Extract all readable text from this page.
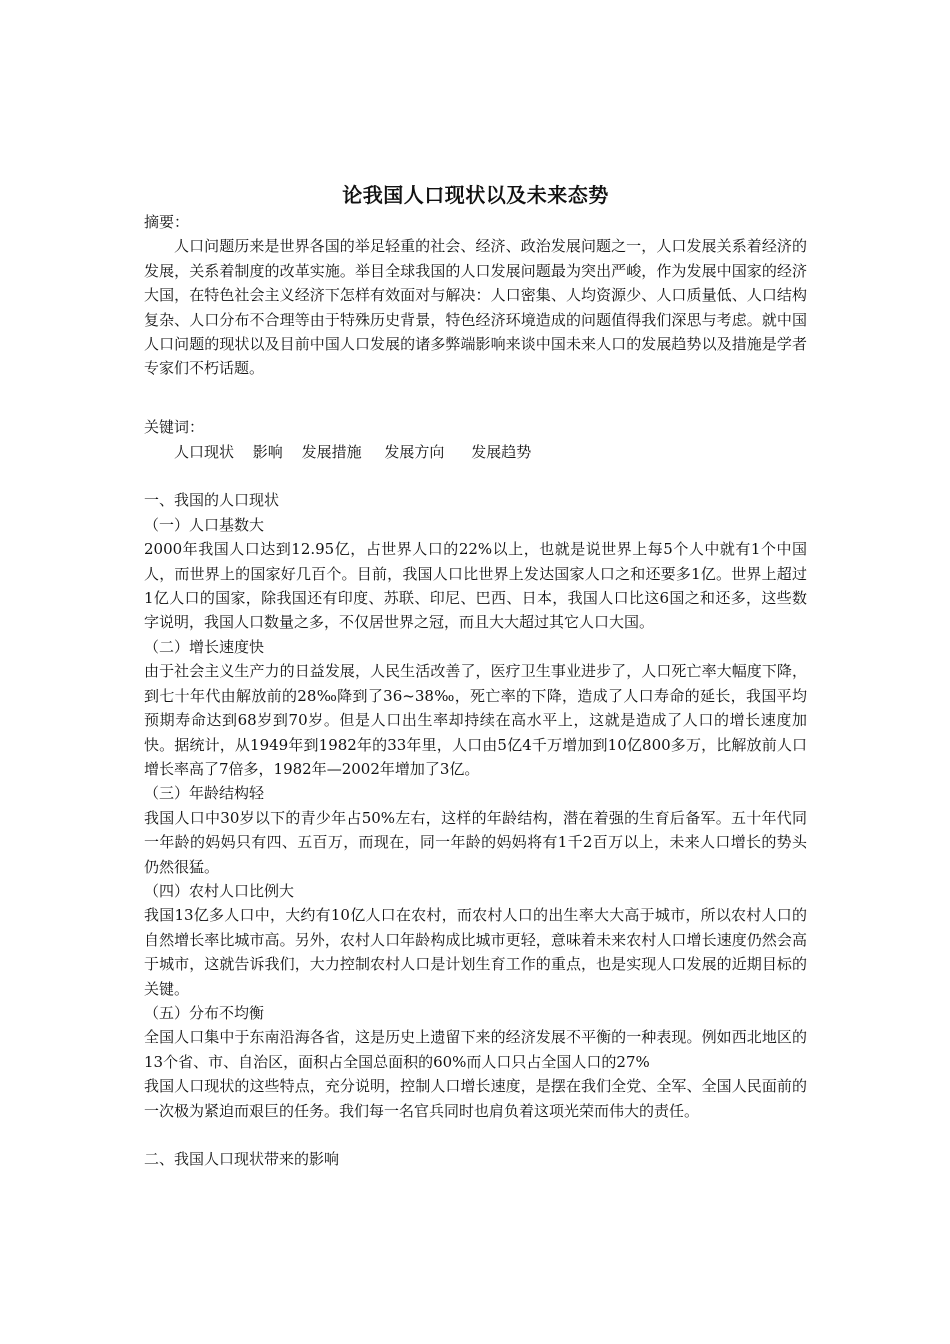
论我国人口现状以及未来态势

摘要：

人口问题历来是世界各国的举足轻重的社会、经济、政治发展问题之一，人口发展关系着经济的发展，关系着制度的改革实施。举目全球我国的人口发展问题最为突出严峻，作为发展中国家的经济大国，在特色社会主义经济下怎样有效面对与解决：人口密集、人均资源少、人口质量低、人口结构复杂、人口分布不合理等由于特殊历史背景，特色经济环境造成的问题值得我们深思与考虑。就中国人口问题的现状以及目前中国人口发展的诸多弊端影响来谈中国未来人口的发展趋势以及措施是学者专家们不朽话题。

关键词：

人口现状 影响 发展措施 发展方向 发展趋势

一、我国的人口现状

（一）人口基数大

2000年我国人口达到12.95亿，占世界人口的22%以上，也就是说世界上每5个人中就有1个中国人，而世界上的国家好几百个。目前，我国人口比世界上发达国家人口之和还要多1亿。世界上超过1亿人口的国家，除我国还有印度、苏联、印尼、巴西、日本，我国人口比这6国之和还多，这些数字说明，我国人口数量之多，不仅居世界之冠，而且大大超过其它人口大国。

（二）增长速度快

由于社会主义生产力的日益发展，人民生活改善了，医疗卫生事业进步了，人口死亡率大幅度下降，到七十年代由解放前的28‰降到了36~38‰，死亡率的下降，造成了人口寿命的延长，我国平均预期寿命达到68岁到70岁。但是人口出生率却持续在高水平上，这就是造成了人口的增长速度加快。据统计，从1949年到1982年的33年里，人口由5亿4千万增加到10亿800多万，比解放前人口增长率高了7倍多，1982年—2002年增加了3亿。

（三）年龄结构轻

我国人口中30岁以下的青少年占50%左右，这样的年龄结构，潜在着强的生育后备军。五十年代同一年龄的妈妈只有四、五百万，而现在，同一年龄的妈妈将有1千2百万以上，未来人口增长的势头仍然很猛。

（四）农村人口比例大

我国13亿多人口中，大约有10亿人口在农村，而农村人口的出生率大大高于城市，所以农村人口的自然增长率比城市高。另外，农村人口年龄构成比城市更轻，意味着未来农村人口增长速度仍然会高于城市，这就告诉我们，大力控制农村人口是计划生育工作的重点，也是实现人口发展的近期目标的关键。

（五）分布不均衡

全国人口集中于东南沿海各省，这是历史上遗留下来的经济发展不平衡的一种表现。例如西北地区的13个省、市、自治区，面积占全国总面积的60%而人口只占全国人口的27%

我国人口现状的这些特点，充分说明，控制人口增长速度，是摆在我们全党、全军、全国人民面前的一次极为紧迫而艰巨的任务。我们每一名官兵同时也肩负着这项光荣而伟大的责任。

二、我国人口现状带来的影响
